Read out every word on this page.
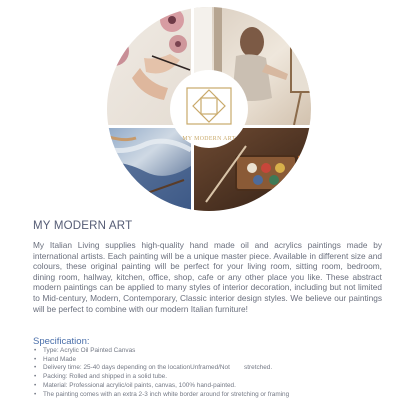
MY MODERN ART
MY MODERN ART

My Italian Living supplies high-quality hand made oil and acrylics paintings made by international artists. Each painting will be a unique master piece. Available in different size and colours, these original painting will be perfect for your living room, sitting room, bedroom, dining room, hallway, kitchen, office, shop, cafe or any other place you like. These abstract modern paintings can be applied to many styles of interior decoration, including but not limited to Mid-century, Modern, Contemporary, Classic interior design styles. We believe our paintings will be perfect to combine with our modern Italian furniture!

Specification:
• Type: Acrylic Oil Painted Canvas
• Hand Made
• Delivery time: 25-40 days depending on the locationUnframed/Not        stretched.
• Packing: Rolled and shipped in a solid tube.
• Material: Professional acrylic/oil paints, canvas, 100% hand-painted.
• The painting comes with an extra 2-3 inch white border around for stretching or framing
